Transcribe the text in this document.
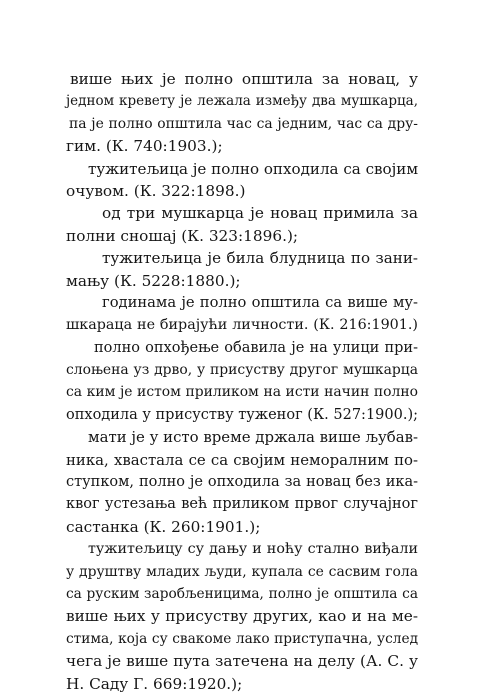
више њих је полно општила за новац, у
једном кревету је лежала између два мушкарца,
па је полно општила час са једним, час са дру-
гим. (К. 740:1903.);
тужитељица је полно опходила са својим
очувом. (К. 322:1898.)
од три мушкарца је новац примила за
полни сношај (К. 323:1896.);
тужитељица је била блудница по зани-
мању (К. 5228:1880.);
годинама је полно општила са више му-
шкараца не бирајући личности. (К. 216:1901.)
полно опхођење обавила је на улици при-
слоњена уз дрво, у присуству другог мушкарца
са ким је истом приликом на исти начин полно
опходила у присуству туженог (К. 527:1900.);
мати је у исто време држала више љубав-
ника, хвастала се са својим неморалним по-
ступком, полно је опходила за новац без ика-
квог устезања већ приликом првог случајног
састанка (К. 260:1901.);
тужитељицу су дању и ноћу стално виђали
у друштву младих људи, купала се сасвим гола
са руским заробљеницима, полно је општила са
више њих у присуству других, као и на ме-
стима, која су свакоме лако приступачна, услед
чега је више пута затечена на делу (А. С. у
Н. Саду Г. 669:1920.);
